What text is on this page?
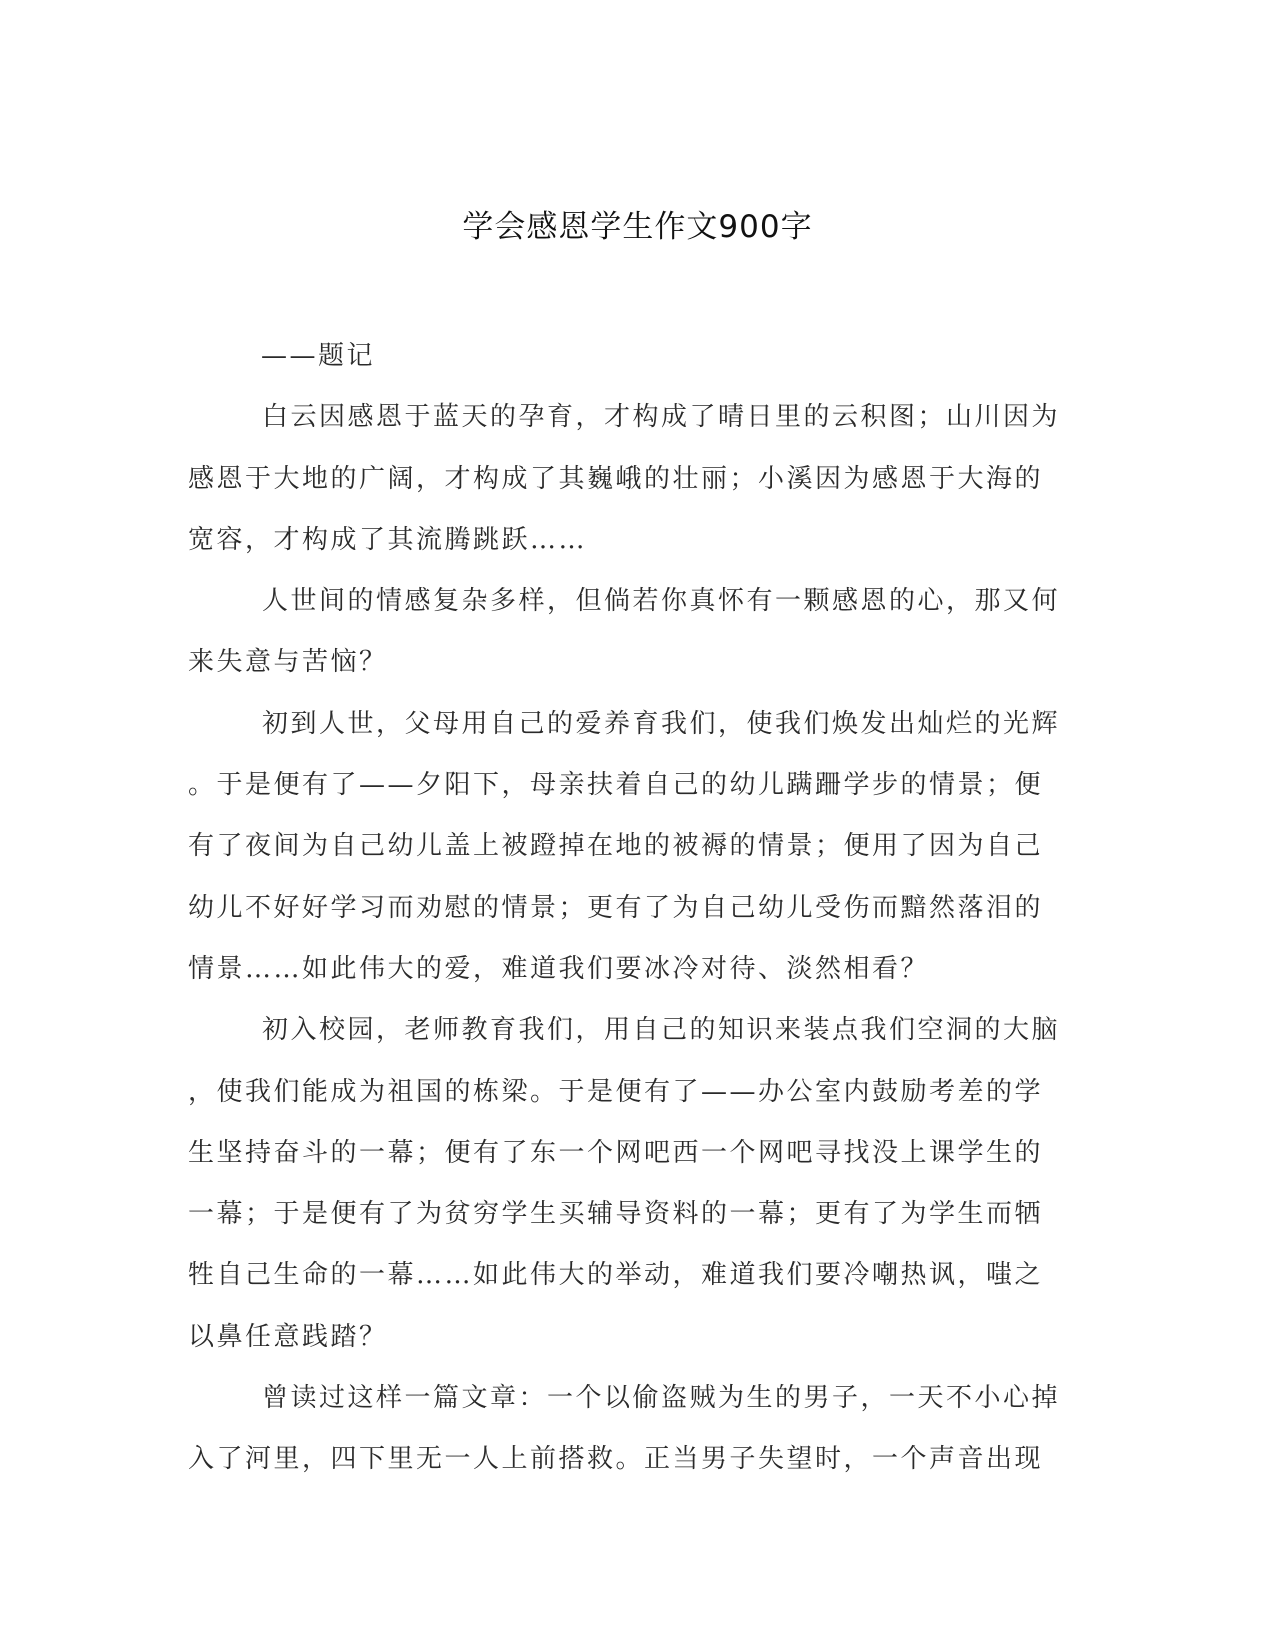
学会感恩学生作文900字
——题记
白云因感恩于蓝天的孕育，才构成了晴日里的云积图；山川因为
感恩于大地的广阔，才构成了其巍峨的壮丽；小溪因为感恩于大海的
宽容，才构成了其流腾跳跃……
人世间的情感复杂多样，但倘若你真怀有一颗感恩的心，那又何
来失意与苦恼？
初到人世，父母用自己的爱养育我们，使我们焕发出灿烂的光辉
。于是便有了——夕阳下，母亲扶着自己的幼儿蹒跚学步的情景；便
有了夜间为自己幼儿盖上被蹬掉在地的被褥的情景；便用了因为自己
幼儿不好好学习而劝慰的情景；更有了为自己幼儿受伤而黯然落泪的
情景……如此伟大的爱，难道我们要冰冷对待、淡然相看？
初入校园，老师教育我们，用自己的知识来装点我们空洞的大脑
，使我们能成为祖国的栋梁。于是便有了——办公室内鼓励考差的学
生坚持奋斗的一幕；便有了东一个网吧西一个网吧寻找没上课学生的
一幕；于是便有了为贫穷学生买辅导资料的一幕；更有了为学生而牺
牲自己生命的一幕……如此伟大的举动，难道我们要冷嘲热讽，嗤之
以鼻任意践踏？
曾读过这样一篇文章：一个以偷盗贼为生的男子，一天不小心掉
入了河里，四下里无一人上前搭救。正当男子失望时，一个声音出现
